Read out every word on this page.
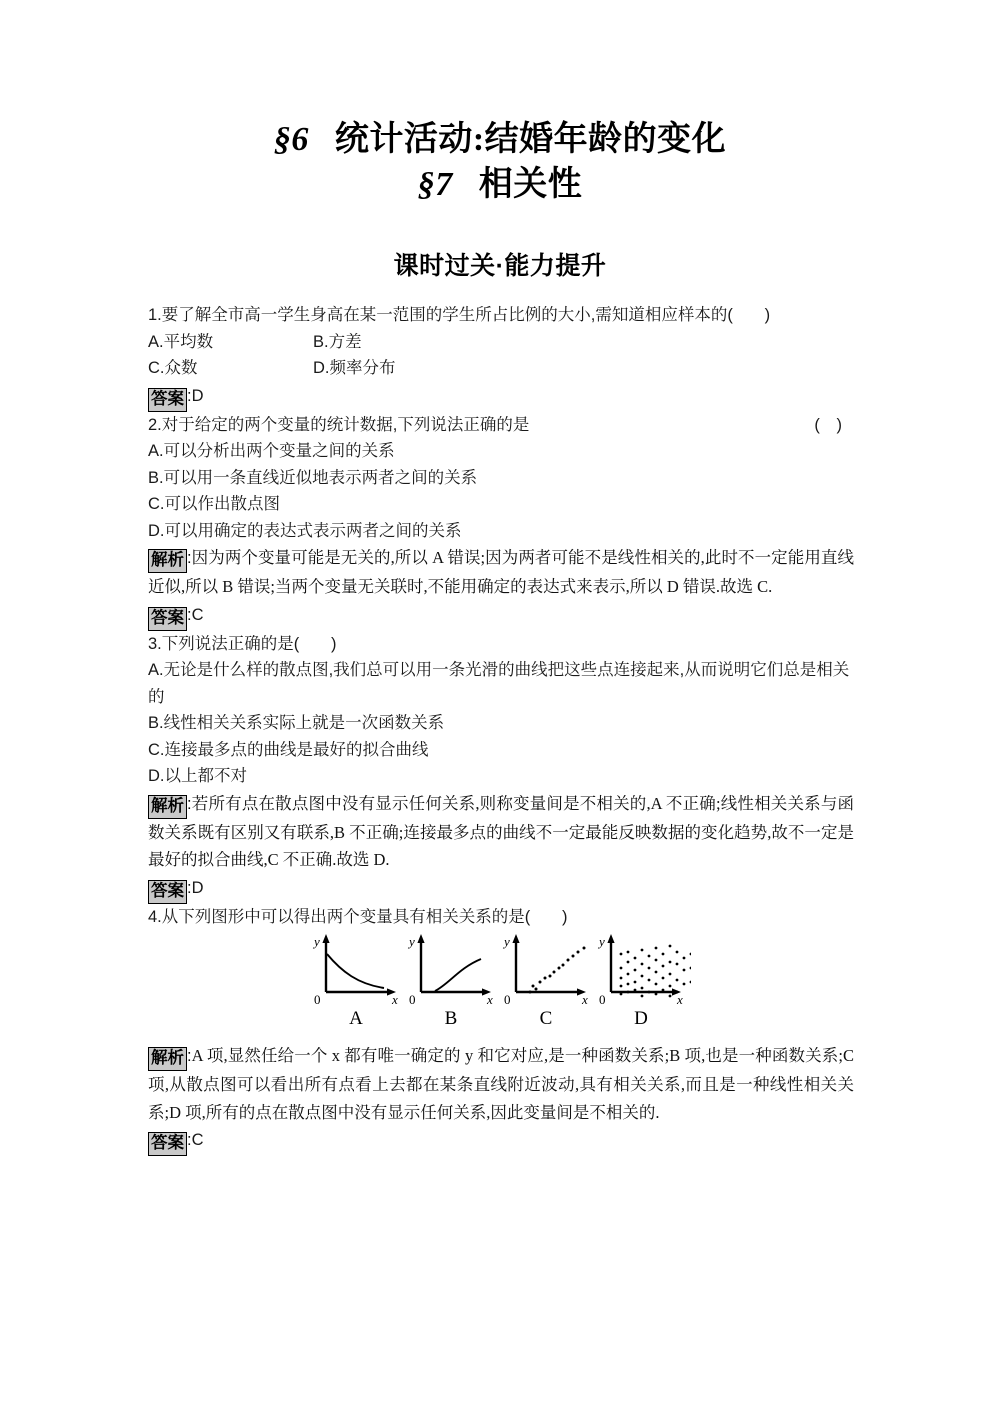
§6 统计活动:结婚年龄的变化
§7 相关性
课时过关·能力提升
1.要了解全市高一学生身高在某一范围的学生所占比例的大小,需知道相应样本的( )
A.平均数	B.方差
C.众数	D.频率分布
答案 :D
2.对于给定的两个变量的统计数据,下列说法正确的是	( )
A.可以分析出两个变量之间的关系
B.可以用一条直线近似地表示两者之间的关系
C.可以作出散点图
D.可以用确定的表达式表示两者之间的关系
解析 :因为两个变量可能是无关的,所以 A 错误;因为两者可能不是线性相关的,此时不一定能用直线近似,所以 B 错误;当两个变量无关联时,不能用确定的表达式来表示,所以 D 错误.故选 C.
答案 :C
3.下列说法正确的是( )
A.无论是什么样的散点图,我们总可以用一条光滑的曲线把这些点连接起来,从而说明它们总是相关的
B.线性相关关系实际上就是一次函数关系
C.连接最多点的曲线是最好的拟合曲线
D.以上都不对
解析 :若所有点在散点图中没有显示任何关系,则称变量间是不相关的,A 不正确;线性相关关系与函数关系既有区别又有联系,B 不正确;连接最多点的曲线不一定最能反映数据的变化趋势,故不一定是最好的拟合曲线,C 不正确.故选 D.
答案 :D
4.从下列图形中可以得出两个变量具有相关关系的是( )
y
x
0
A
y
x
0
B
y
x
0
C
y
x
0
D
解析 :A 项,显然任给一个 x 都有唯一确定的 y 和它对应,是一种函数关系;B 项,也是一种函数关系;C 项,从散点图可以看出所有点看上去都在某条直线附近波动,具有相关关系,而且是一种线性相关关系;D 项,所有的点在散点图中没有显示任何关系,因此变量间是不相关的.
答案 :C
